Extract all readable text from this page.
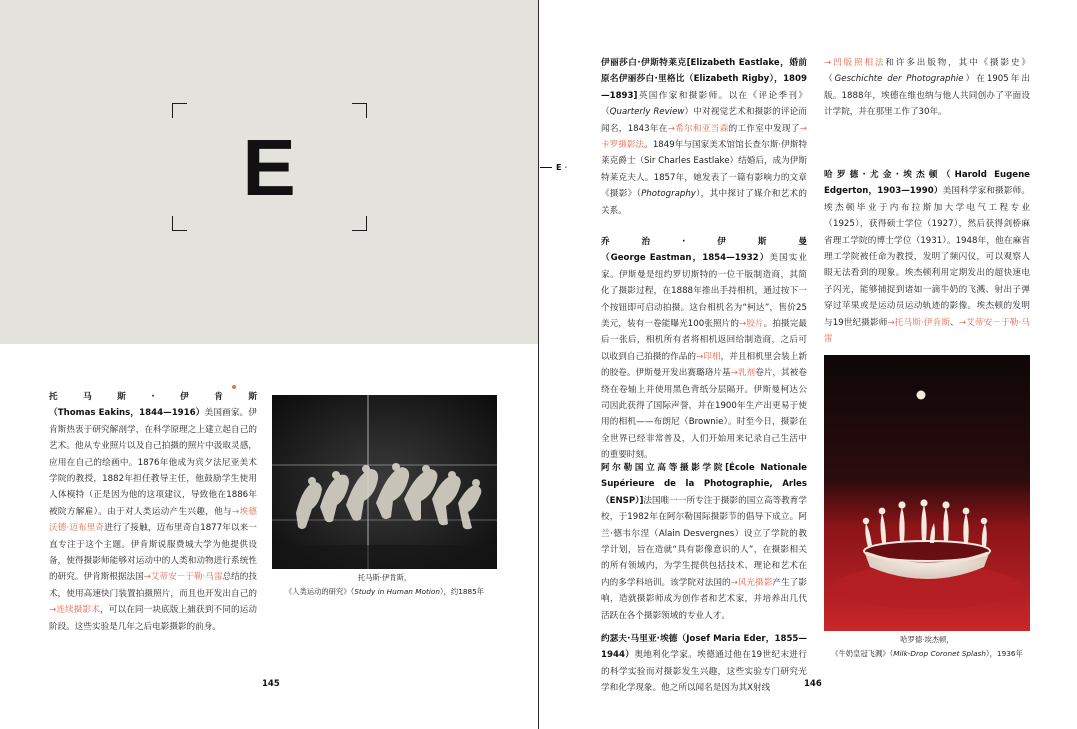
E
托马斯·伊肯斯（Thomas Eakins，1844—1916）美国画家。伊肯斯热衷于研究解剖学，在科学原理之上建立起自己的艺术。他从专业照片以及自己拍摄的照片中汲取灵感，应用在自己的绘画中。1876年他成为宾夕法尼亚美术学院的教授，1882年担任教导主任，他鼓励学生使用人体模特（正是因为他的这项建议，导致他在1886年被院方解雇）。由于对人类运动产生兴趣，他与→埃德沃德·迈布里奇进行了接触，迈布里奇自1877年以来一直专注于这个主题。伊肯斯说服费城大学为他提供设备，使得摄影师能够对运动中的人类和动物进行系统性的研究。伊肯斯根据法国→艾蒂安－于勒·马雷总结的技术，使用高速快门装置拍摄照片，而且也开发出自己的→连续摄影术，可以在同一块底版上捕获到不同的运动阶段。这些实验是几年之后电影摄影的前身。
托马斯·伊肯斯，
《人类运动的研究》（Study in Human Motion），约1885年
145
E ·
伊丽莎白·伊斯特莱克[Elizabeth Eastlake，婚前原名伊丽莎白·里格比（Elizabeth Rigby），1809—1893]英国作家和摄影师。以在《评论季刊》（Quarterly Review）中对视觉艺术和摄影的评论而闻名，1843年在→希尔和亚当森的工作室中发现了→卡罗摄影法。1849年与国家美术馆馆长查尔斯·伊斯特莱克爵士（Sir Charles Eastlake）结婚后，成为伊斯特莱克夫人。1857年，她发表了一篇有影响力的文章《摄影》（Photography），其中探讨了媒介和艺术的关系。
乔治·伊斯曼（George Eastman，1854—1932）美国实业家。伊斯曼是纽约罗切斯特的一位干版制造商，其简化了摄影过程，在1888年推出手持相机，通过按下一个按钮即可启动拍摄。这台相机名为“柯达”，售价25美元，装有一卷能曝光100张照片的→胶片。拍摄完最后一张后，相机所有者将相机返回给制造商，之后可以收到自己拍摄的作品的→印相，并且相机里会装上新的胶卷。伊斯曼开发出赛璐珞片基→乳剂卷片，其被卷绕在卷轴上并使用黑色背纸分层隔开。伊斯曼柯达公司因此获得了国际声誉，并在1900年生产出更易于使用的相机——布朗尼（Brownie）。时至今日，摄影在全世界已经非常普及，人们开始用来记录自己生活中的重要时刻。
阿尔勒国立高等摄影学院[École Nationale Supérieure de la Photographie, Arles（ENSP）]法国唯一一所专注于摄影的国立高等教育学校，于1982年在阿尔勒国际摄影节的倡导下成立。阿兰·德韦尔涅（Alain Desvergnes）设立了学院的教学计划，旨在造就“具有影像意识的人”，在摄影相关的所有领域内，为学生提供包括技术、理论和艺术在内的多学科培训。该学院对法国的→风光摄影产生了影响，造就摄影师成为创作者和艺术家，并培养出几代活跃在各个摄影领域的专业人才。
约瑟夫·马里亚·埃德（Josef Maria Eder，1855—1944）奥地利化学家。埃德通过他在19世纪末进行的科学实验而对摄影发生兴趣，这些实验专门研究光学和化学现象。他之所以闻名是因为其X射线
→凹版照相法和许多出版物，其中《摄影史》（Geschichte der Photographie）在1905年出版。1888年，埃德在维也纳与他人共同创办了平面设计学院，并在那里工作了30年。
哈罗德·尤金·埃杰顿（Harold Eugene Edgerton，1903—1990）美国科学家和摄影师。埃杰顿毕业于内布拉斯加大学电气工程专业（1925），获得硕士学位（1927），然后获得剑桥麻省理工学院的博士学位（1931）。1948年，他在麻省理工学院被任命为教授，发明了频闪仪，可以观察人眼无法看到的现象。埃杰顿利用定期发出的超快速电子闪光，能够捕捉到诸如一滴牛奶的飞溅、射出子弹穿过苹果或是运动员运动轨迹的影像。埃杰顿的发明与19世纪摄影师→托马斯·伊肯斯、→艾蒂安－于勒·马雷
哈罗德·埃杰顿，
《牛奶皇冠飞溅》（Milk-Drop Coronet Splash），1936年
146
